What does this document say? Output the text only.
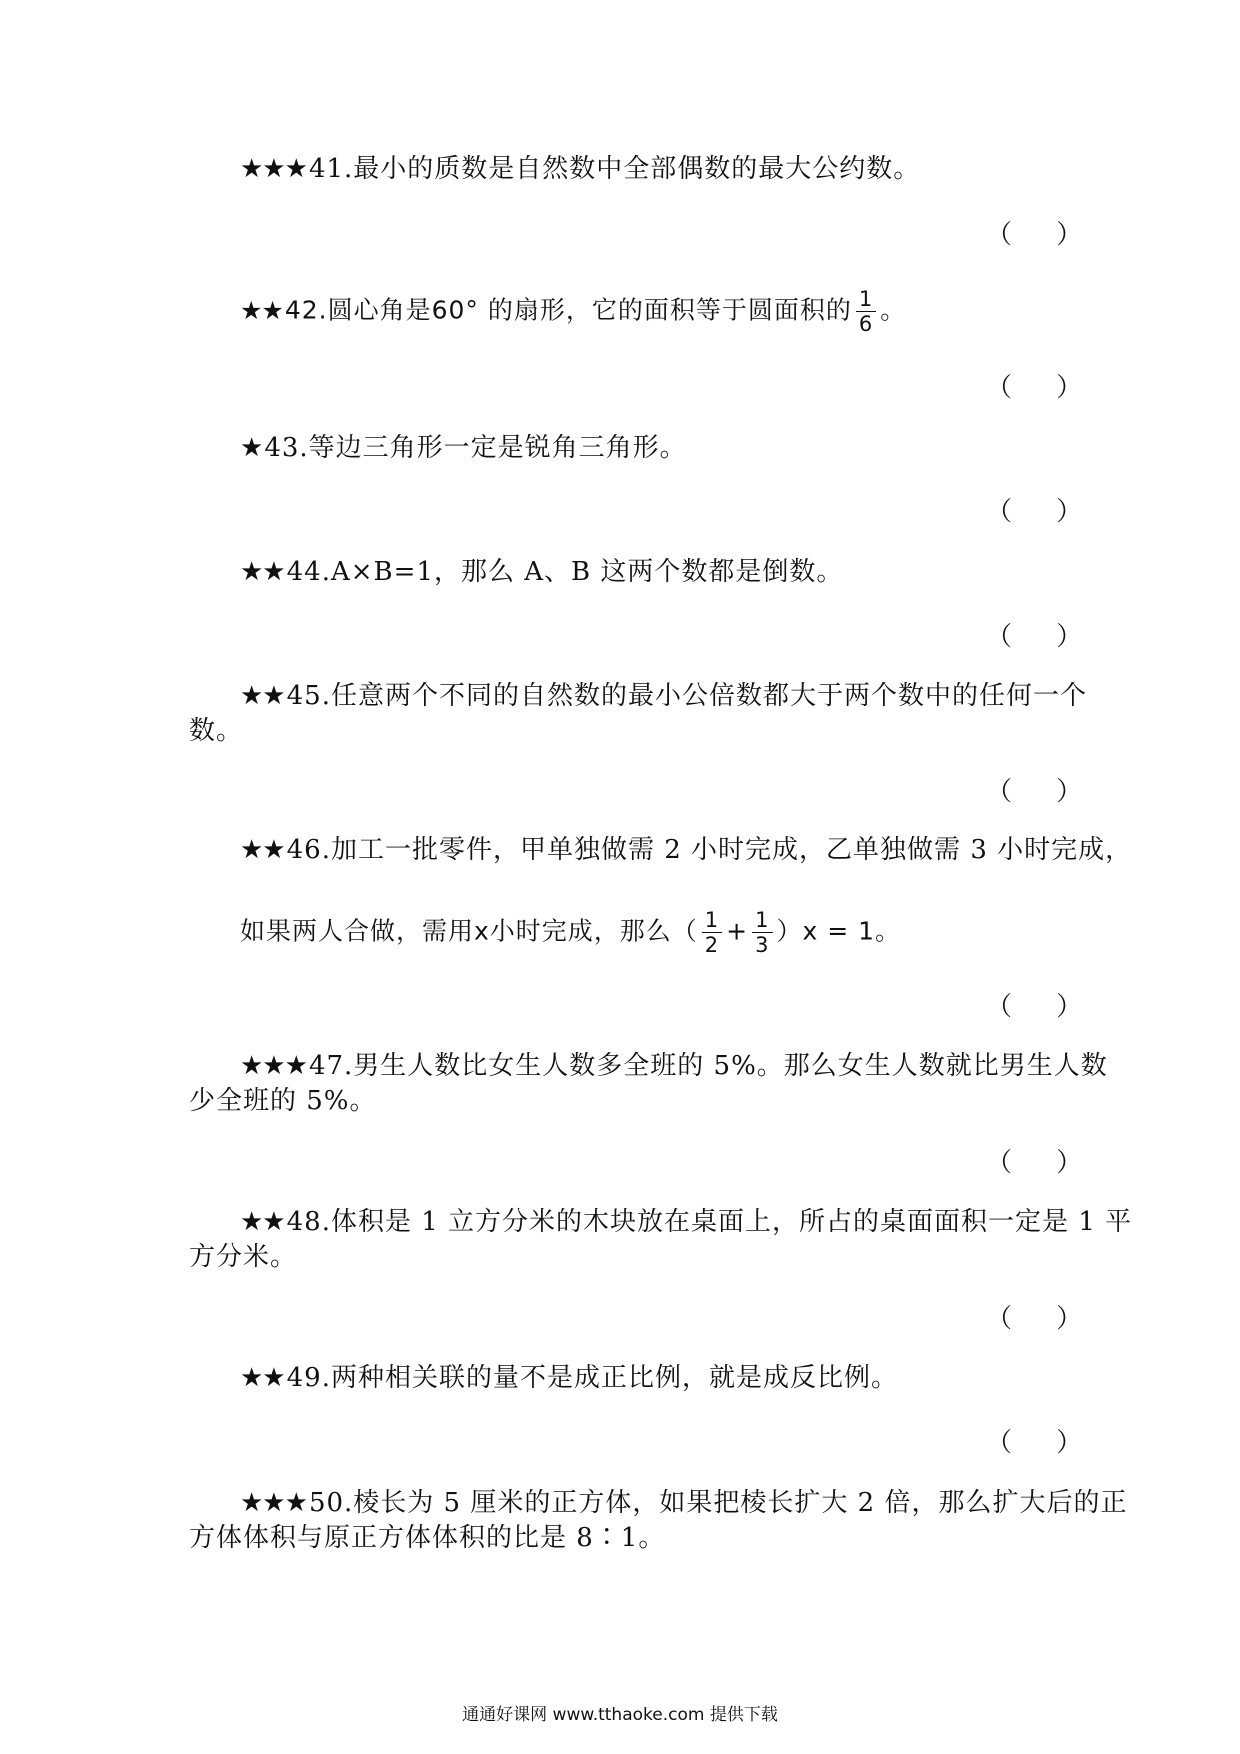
★★★41.最小的质数是自然数中全部偶数的最大公约数。
（ ）
★★42.圆心角是60° 的扇形，它的面积等于圆面积的 $\frac{1}{6}$ 。
（ ）
★43.等边三角形一定是锐角三角形。
（ ）
★★44.A×B=1，那么 A、B 这两个数都是倒数。
（ ）
★★45.任意两个不同的自然数的最小公倍数都大于两个数中的任何一个
数。
（ ）
★★46.加工一批零件，甲单独做需 2 小时完成，乙单独做需 3 小时完成，
如果两人合做，需用x小时完成，那么（ $\frac{1}{2} + \frac{1}{3} )x = 1$。
（ ）
★★★47.男生人数比女生人数多全班的 5%。那么女生人数就比男生人数
少全班的 5%。
（ ）
★★48.体积是 1 立方分米的木块放在桌面上，所占的桌面面积一定是 1 平
方分米。
（ ）
★★49.两种相关联的量不是成正比例，就是成反比例。
（ ）
★★★50.棱长为 5 厘米的正方体，如果把棱长扩大 2 倍，那么扩大后的正
方体体积与原正方体体积的比是 8∶1。
通通好课网 www.tthaoke.com 提供下载
